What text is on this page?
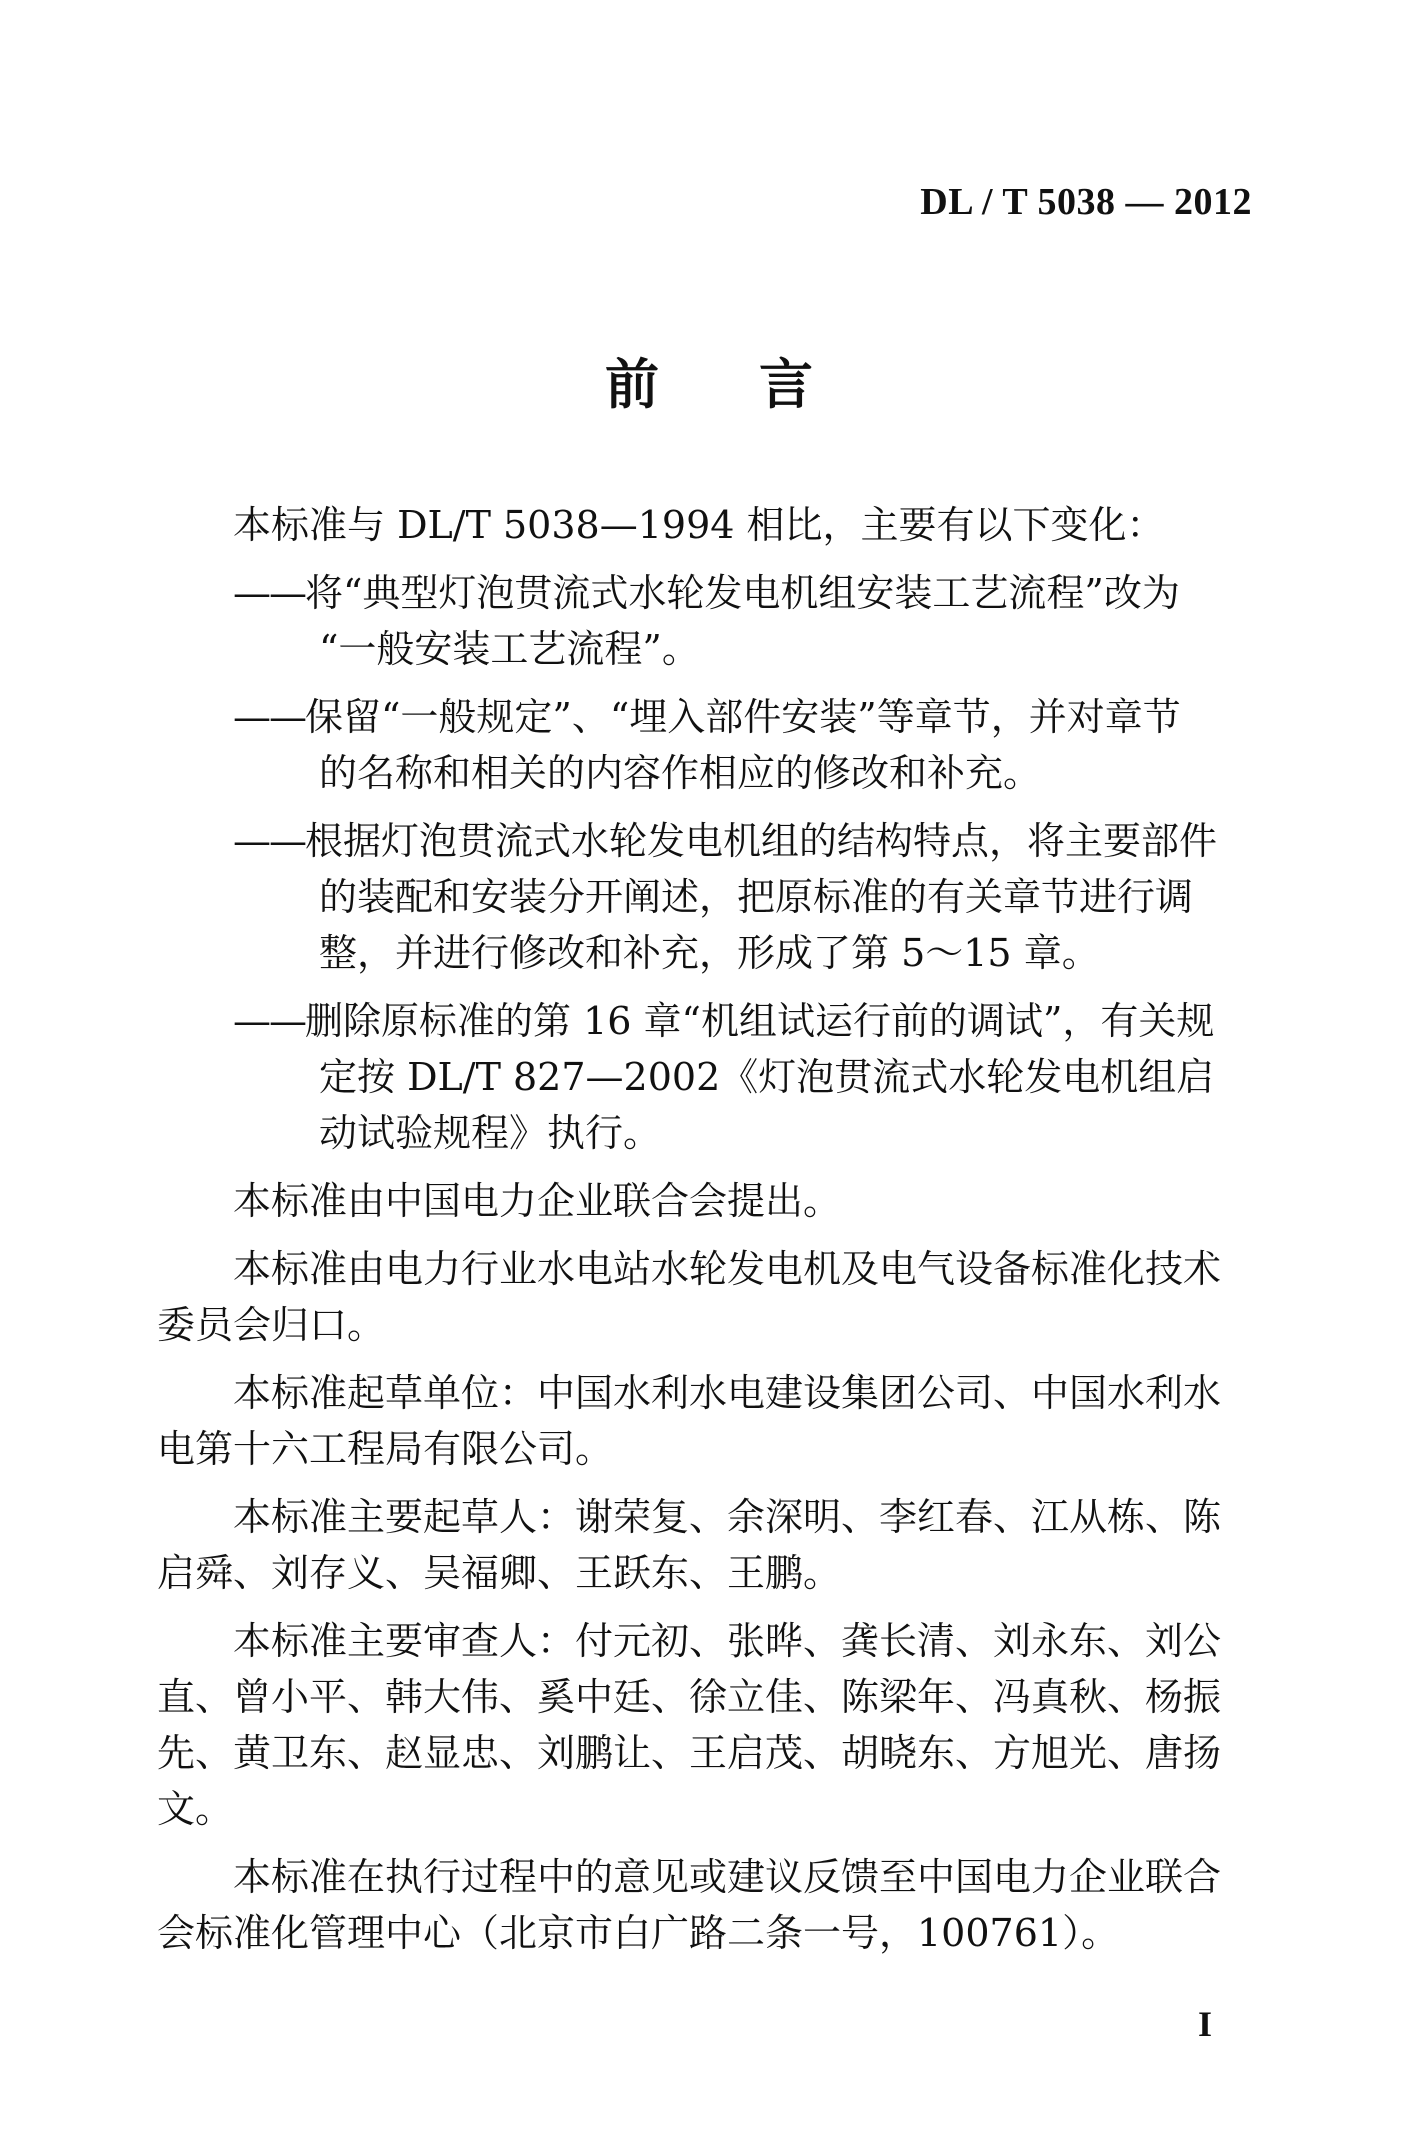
DL / T 5038 — 2012
前言

本标准与 DL/T 5038—1994 相比，主要有以下变化：

——将“典型灯泡贯流式水轮发电机组安装工艺流程”改为
“一般安装工艺流程”。
——保留“一般规定”、“埋入部件安装”等章节，并对章节
的名称和相关的内容作相应的修改和补充。
——根据灯泡贯流式水轮发电机组的结构特点，将主要部件
的装配和安装分开阐述，把原标准的有关章节进行调整，并进行修改和补充，形成了第 5～15 章。
——删除原标准的第 16 章“机组试运行前的调试”，有关规
定按 DL/T 827—2002《灯泡贯流式水轮发电机组启动试验规程》执行。

本标准由中国电力企业联合会提出。

本标准由电力行业水电站水轮发电机及电气设备标准化技术委员会归口。

本标准起草单位：中国水利水电建设集团公司、中国水利水电第十六工程局有限公司。

本标准主要起草人：谢荣复、余深明、李红春、江从栋、陈启舜、刘存义、吴福卿、王跃东、王鹏。

本标准主要审查人：付元初、张晔、龚长清、刘永东、刘公直、曾小平、韩大伟、奚中廷、徐立佳、陈梁年、冯真秋、杨振先、黄卫东、赵显忠、刘鹏让、王启茂、胡晓东、方旭光、唐扬文。

本标准在执行过程中的意见或建议反馈至中国电力企业联合会标准化管理中心（北京市白广路二条一号，100761）。

I
